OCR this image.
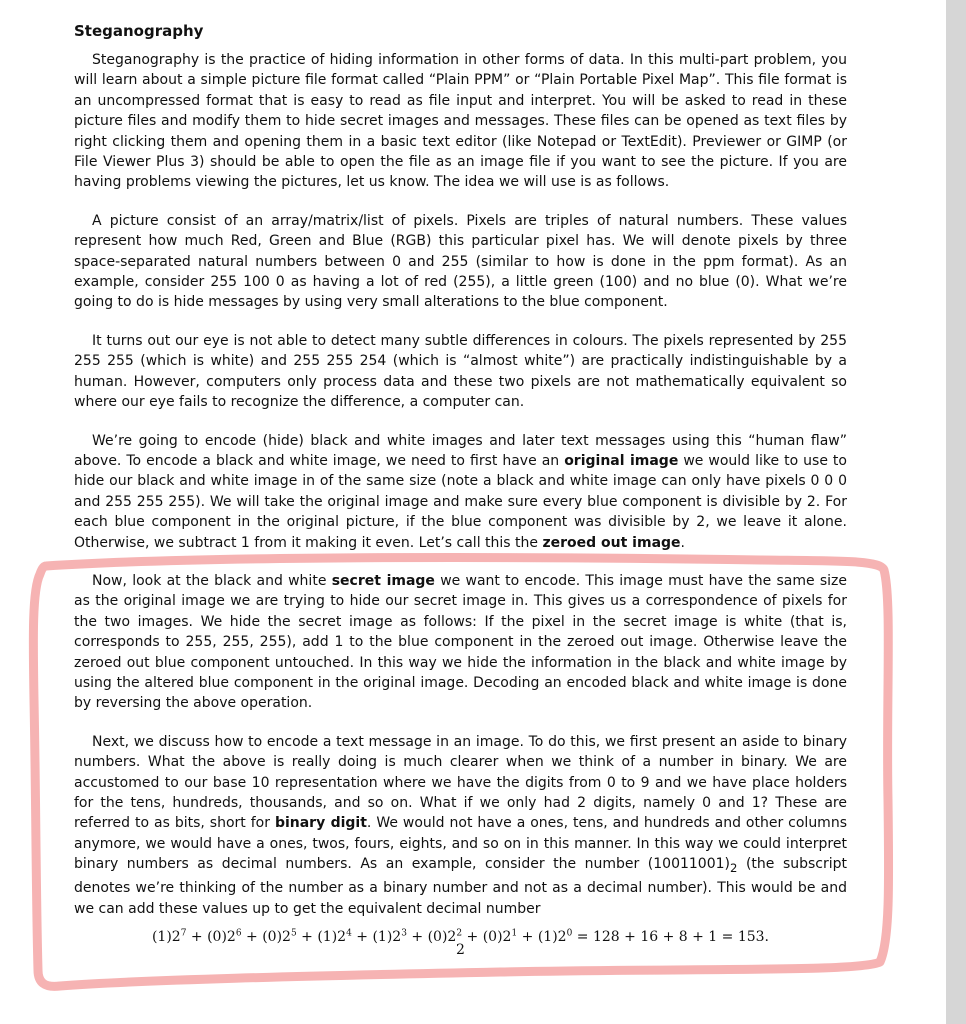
Steganography

Steganography is the practice of hiding information in other forms of data. In this multi-part problem, you will learn about a simple picture file format called “Plain PPM” or “Plain Portable Pixel Map”. This file format is an uncompressed format that is easy to read as file input and interpret. You will be asked to read in these picture files and modify them to hide secret images and messages. These files can be opened as text files by right clicking them and opening them in a basic text editor (like Notepad or TextEdit). Previewer or GIMP (or File Viewer Plus 3) should be able to open the file as an image file if you want to see the picture. If you are having problems viewing the pictures, let us know. The idea we will use is as follows.

A picture consist of an array/matrix/list of pixels. Pixels are triples of natural numbers. These values represent how much Red, Green and Blue (RGB) this particular pixel has. We will denote pixels by three space-separated natural numbers between 0 and 255 (similar to how is done in the ppm format). As an example, consider 255 100 0 as having a lot of red (255), a little green (100) and no blue (0). What we’re going to do is hide messages by using very small alterations to the blue component.

It turns out our eye is not able to detect many subtle differences in colours. The pixels represented by 255 255 255 (which is white) and 255 255 254 (which is “almost white”) are practically indistinguishable by a human. However, computers only process data and these two pixels are not mathematically equivalent so where our eye fails to recognize the difference, a computer can.

We’re going to encode (hide) black and white images and later text messages using this “human flaw” above. To encode a black and white image, we need to first have an original image we would like to use to hide our black and white image in of the same size (note a black and white image can only have pixels 0 0 0 and 255 255 255). We will take the original image and make sure every blue component is divisible by 2. For each blue component in the original picture, if the blue component was divisible by 2, we leave it alone. Otherwise, we subtract 1 from it making it even. Let’s call this the zeroed out image.

Now, look at the black and white secret image we want to encode. This image must have the same size as the original image we are trying to hide our secret image in. This gives us a correspondence of pixels for the two images. We hide the secret image as follows: If the pixel in the secret image is white (that is, corresponds to 255, 255, 255), add 1 to the blue component in the zeroed out image. Otherwise leave the zeroed out blue component untouched. In this way we hide the information in the black and white image by using the altered blue component in the original image. Decoding an encoded black and white image is done by reversing the above operation.

Next, we discuss how to encode a text message in an image. To do this, we first present an aside to binary numbers. What the above is really doing is much clearer when we think of a number in binary. We are accustomed to our base 10 representation where we have the digits from 0 to 9 and we have place holders for the tens, hundreds, thousands, and so on. What if we only had 2 digits, namely 0 and 1? These are referred to as bits, short for binary digit. We would not have a ones, tens, and hundreds and other columns anymore, we would have a ones, twos, fours, eights, and so on in this manner. In this way we could interpret binary numbers as decimal numbers. As an example, consider the number $(10011001)_2$ (the subscript denotes we’re thinking of the number as a binary number and not as a decimal number). This would be and we can add these values up to get the equivalent decimal number

$(1)2^7 + (0)2^6 + (0)2^5 + (1)2^4 + (1)2^3 + (0)2^2 + (0)2^1 + (1)2^0 = 128 + 16 + 8 + 1 = 153$.
2
